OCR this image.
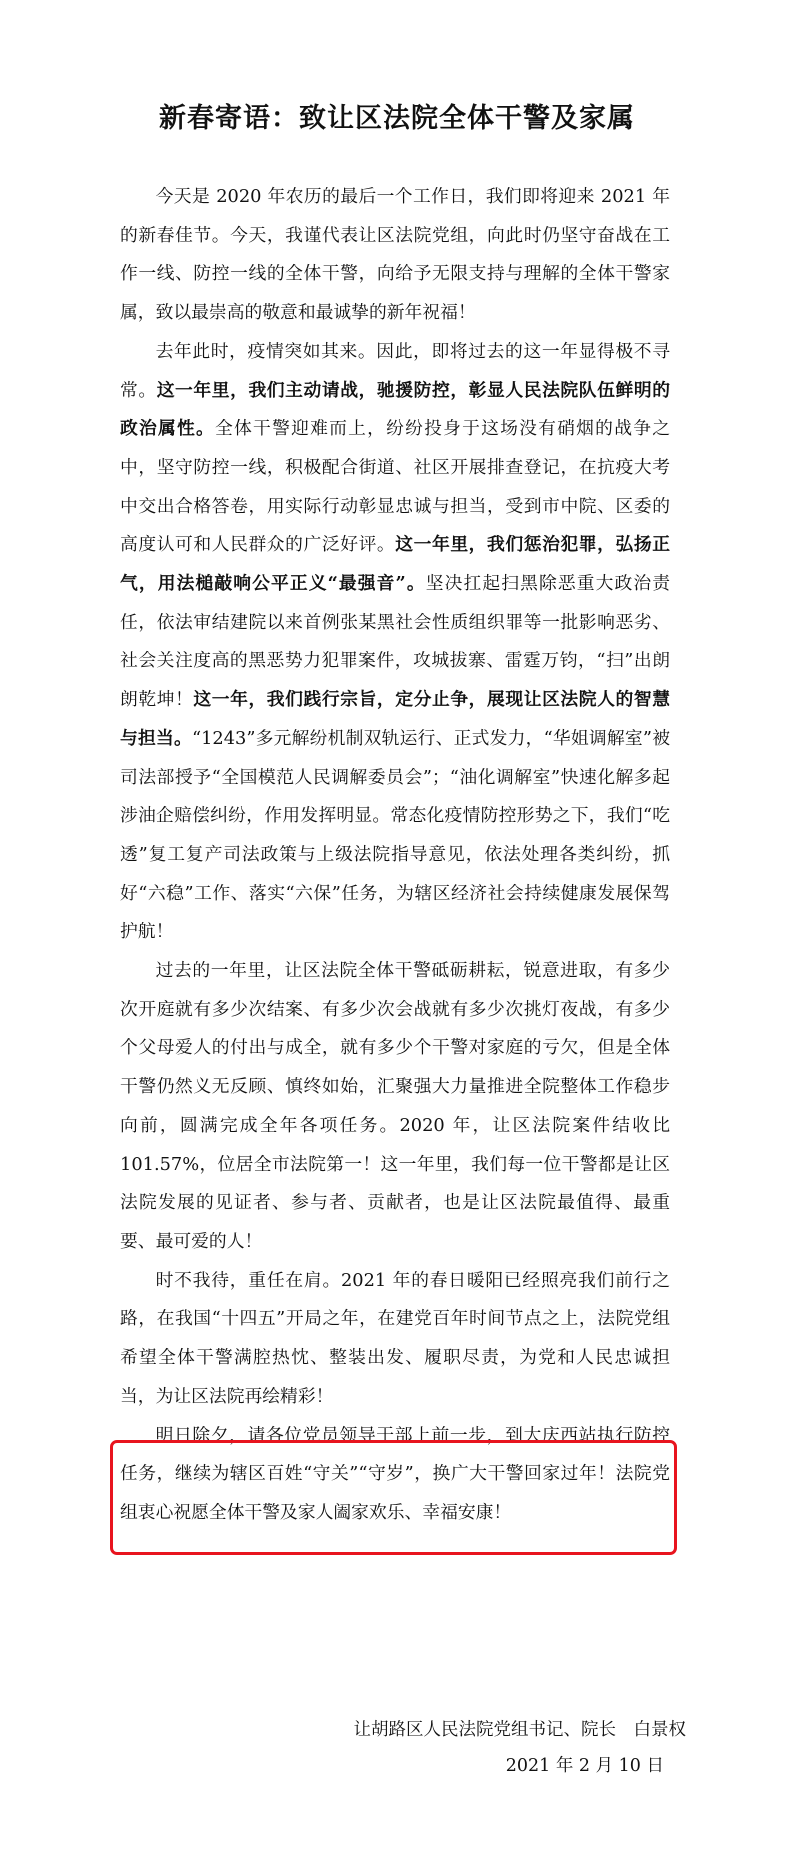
新春寄语：致让区法院全体干警及家属

今天是 2020 年农历的最后一个工作日，我们即将迎来 2021 年的新春佳节。今天，我谨代表让区法院党组，向此时仍坚守奋战在工作一线、防控一线的全体干警，向给予无限支持与理解的全体干警家属，致以最崇高的敬意和最诚挚的新年祝福！

去年此时，疫情突如其来。因此，即将过去的这一年显得极不寻常。这一年里，我们主动请战，驰援防控，彰显人民法院队伍鲜明的政治属性。全体干警迎难而上，纷纷投身于这场没有硝烟的战争之中，坚守防控一线，积极配合街道、社区开展排查登记，在抗疫大考中交出合格答卷，用实际行动彰显忠诚与担当，受到市中院、区委的高度认可和人民群众的广泛好评。这一年里，我们惩治犯罪，弘扬正气，用法槌敲响公平正义“最强音”。坚决扛起扫黑除恶重大政治责任，依法审结建院以来首例张某黑社会性质组织罪等一批影响恶劣、社会关注度高的黑恶势力犯罪案件，攻城拔寨、雷霆万钧，“扫”出朗朗乾坤！这一年，我们践行宗旨，定分止争，展现让区法院人的智慧与担当。“1243”多元解纷机制双轨运行、正式发力，“华姐调解室”被司法部授予“全国模范人民调解委员会”；“油化调解室”快速化解多起涉油企赔偿纠纷，作用发挥明显。常态化疫情防控形势之下，我们“吃透”复工复产司法政策与上级法院指导意见，依法处理各类纠纷，抓好“六稳”工作、落实“六保”任务，为辖区经济社会持续健康发展保驾护航！

过去的一年里，让区法院全体干警砥砺耕耘，锐意进取，有多少次开庭就有多少次结案、有多少次会战就有多少次挑灯夜战，有多少个父母爱人的付出与成全，就有多少个干警对家庭的亏欠，但是全体干警仍然义无反顾、慎终如始，汇聚强大力量推进全院整体工作稳步向前，圆满完成全年各项任务。2020 年，让区法院案件结收比 101.57%，位居全市法院第一！这一年里，我们每一位干警都是让区法院发展的见证者、参与者、贡献者，也是让区法院最值得、最重要、最可爱的人！

时不我待，重任在肩。2021 年的春日暖阳已经照亮我们前行之路，在我国“十四五”开局之年，在建党百年时间节点之上，法院党组希望全体干警满腔热忱、整装出发、履职尽责，为党和人民忠诚担当，为让区法院再绘精彩！

明日除夕，请各位党员领导干部上前一步，到大庆西站执行防控任务，继续为辖区百姓“守关”“守岁”，换广大干警回家过年！法院党组衷心祝愿全体干警及家人阖家欢乐、幸福安康！

让胡路区人民法院党组书记、院长　白景权
2021 年 2 月 10 日
